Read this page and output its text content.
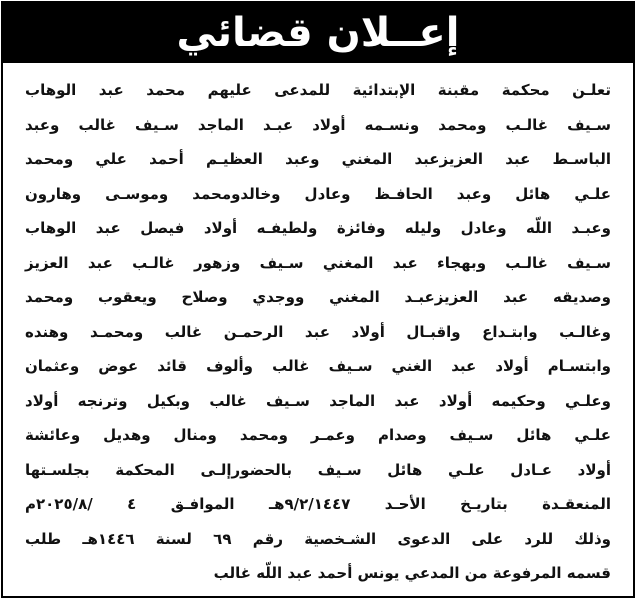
إعــلان قضائي
تعلـن محكمة مقبنة الإبتدائية للمدعى عليهم محمد عبد الوهاب
سـيف غالـب ومحمد ونسـمه أولاد عبـد الماجد سـيف غالب وعبد
الباسـط عبد العزيزعبد المغني وعبد العظيـم أحمد علي ومحمد
علـي هائل وعبد الحافـظ وعادل وخالدومحمد وموسـى وهارون
وعبـد اللّه وعادل وليله وفائزة ولطيفـه أولاد فيصل عبد الوهاب
سـيف غالـب وبهجاء عبد المغني سـيف وزهور غالـب عبد العزيز
وصديقه عبد العزيزعبـد المغني ووجدي وصلاح ويعقوب ومحمد
وغالـب وابتـداع واقبـال أولاد عبد الرحمـن غالب ومحمـد وهنده
وابتسـام أولاد عبد الغني سـيف غالب وألوف قائد عوض وعثمان
وعلـي وحكيمه أولاد عبد الماجد سـيف غالب وبكيل وترنجه أولاد
علـي هائل سـيف وصدام وعمـر ومحمد ومنال وهديل وعائشة
أولاد عـادل علـي هائل سـيف بالحضورإلـى المحكمة بجلسـتها
المنعقـدة بتاريـخ الأحـد ٩/٢/١٤٤٧هـ الموافـق ٤ /٢٠٢٥/٨م
وذلك للرد على الدعوى الشـخصية رقم ٦٩ لسنة ١٤٤٦هـ طلب
قسمه المرفوعة من المدعي يونس أحمد عبد اللّه غالب
